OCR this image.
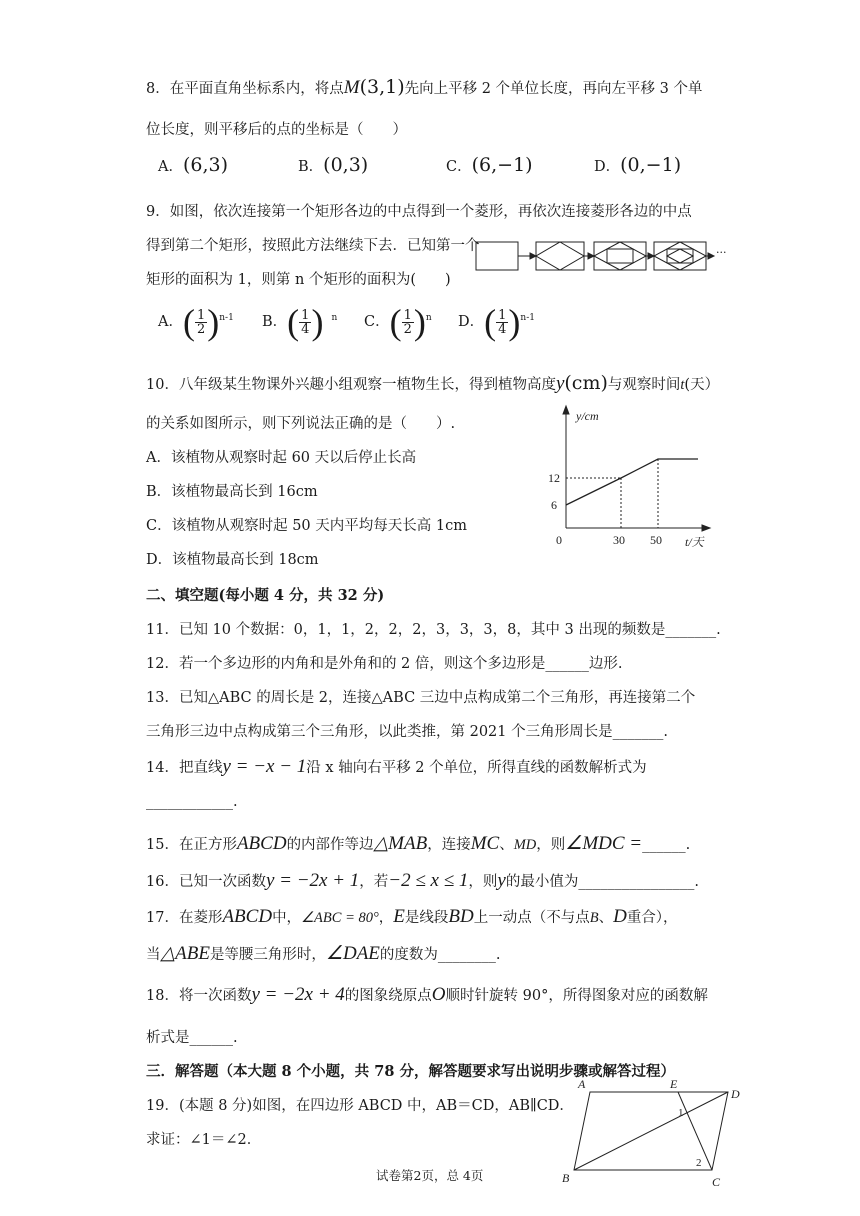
8．在平面直角坐标系内，将点M(3,1)先向上平移 2 个单位长度，再向左平移 3 个单
位长度，则平移后的点的坐标是（　　）
A．(6,3)	B．(0,3)	C．(6,−1)	D．(0,−1)
9．如图，依次连接第一个矩形各边的中点得到一个菱形，再依次连接菱形各边的中点
得到第二个矩形，按照此方法继续下去．已知第一个
矩形的面积为 1，则第 n 个矩形的面积为(　　)
···
A．( $\frac{1}{2} )^{n-1}$ B．( $\frac{1}{4}$ ) $^n$ C．( $\frac{1}{2} )^n$ D．( $\frac{1}{4} )^{n-1}$
10．八年级某生物课外兴趣小组观察一植物生长，得到植物高度y(cm)与观察时间t(天）
的关系如图所示，则下列说法正确的是（　　）.
A．该植物从观察时起 60 天以后停止长高
B．该植物最高长到 16cm
C．该植物从观察时起 50 天内平均每天长高 1cm
D．该植物最高长到 18cm
y/cm
6
12
0	30 50 t/天
二、填空题(每小题 4 分，共 32 分)
11．已知 10 个数据：0，1，1，2，2，2，3，3，3，8，其中 3 出现的频数是_______.
12．若一个多边形的内角和是外角和的 2 倍，则这个多边形是______边形.
13．已知△ABC 的周长是 2，连接△ABC 三边中点构成第二个三角形，再连接第二个
三角形三边中点构成第三个三角形，以此类推，第 2021 个三角形周长是_______.
14．把直线y = −x − 1沿 x 轴向右平移 2 个单位，所得直线的函数解析式为
____________.
15．在正方形ABCD的内部作等边△MAB，连接MC、MD，则∠MDC =______.
16．已知一次函数y = −2x + 1，若−2 ≤ x ≤ 1，则y的最小值为________________.
17．在菱形ABCD中，∠ABC = 80°，E是线段BD上一动点（不与点B、D重合），
当△ABE是等腰三角形时，∠DAE的度数为________.
18．将一次函数y = −2x + 4的图象绕原点O顺时针旋转 90°，所得图象对应的函数解
析式是______.
三．解答题（本大题 8 个小题，共 78 分，解答题要求写出说明步骤或解答过程）
19．(本题 8 分)如图，在四边形 ABCD 中，AB＝CD，AB∥CD．
求证：∠1＝∠2．
A	E
D
B	C
1
2
试卷第2页，总 4页
